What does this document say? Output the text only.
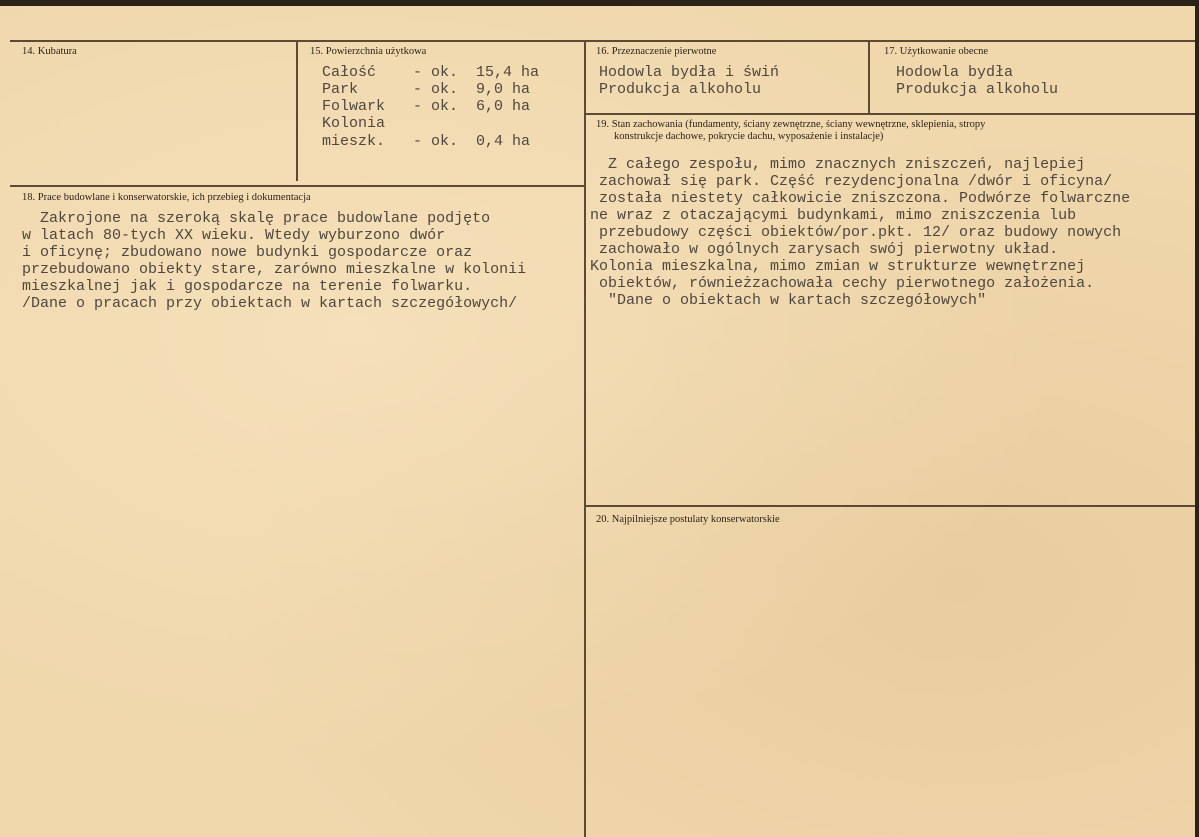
14. Kubatura	15. Powierzchnia użytkowa
Całość - ok. 15,4 ha
Park	- ok. 9,0 ha
Folwark - ok. 6,0 ha
Kolonia
mieszk. - ok. 0,4 ha
16. Przeznaczenie pierwotne
Hodowla bydła i świń
Produkcja alkoholu
17. Użytkowanie obecne
Hodowla bydła
Produkcja alkoholu
18. Prace budowlane i konserwatorskie, ich przebieg i dokumentacja
Zakrojone na szeroką skalę prace budowlane podjęto
w latach 80-tych XX wieku. Wtedy wyburzono dwór
i oficynę; zbudowano nowe budynki gospodarcze oraz
przebudowano obiekty stare, zarówno mieszkalne w kolonii
mieszkalnej jak i gospodarcze na terenie folwarku.
/Dane o pracach przy obiektach w kartach szczegółowych/
19. Stan zachowania (fundamenty, ściany zewnętrzne, ściany wewnętrzne, sklepienia, stropy
konstrukcje dachowe, pokrycie dachu, wyposażenie i instalacje)
Z całego zespołu, mimo znacznych zniszczeń, najlepiej
zachował się park. Część rezydencjonalna /dwór i oficyna/
została niestety całkowicie zniszczona. Podwórze folwarczne
ne wraz z otaczającymi budynkami, mimo zniszczenia lub
przebudowy części obiektów/por.pkt. 12/ oraz budowy nowych
zachowało w ogólnych zarysach swój pierwotny układ.
Kolonia mieszkalna, mimo zmian w strukturze wewnętrznej
obiektów, równieżzachowała cechy pierwotnego założenia.
"Dane o obiektach w kartach szczegółowych"
20. Najpilniejsze postulaty konserwatorskie
